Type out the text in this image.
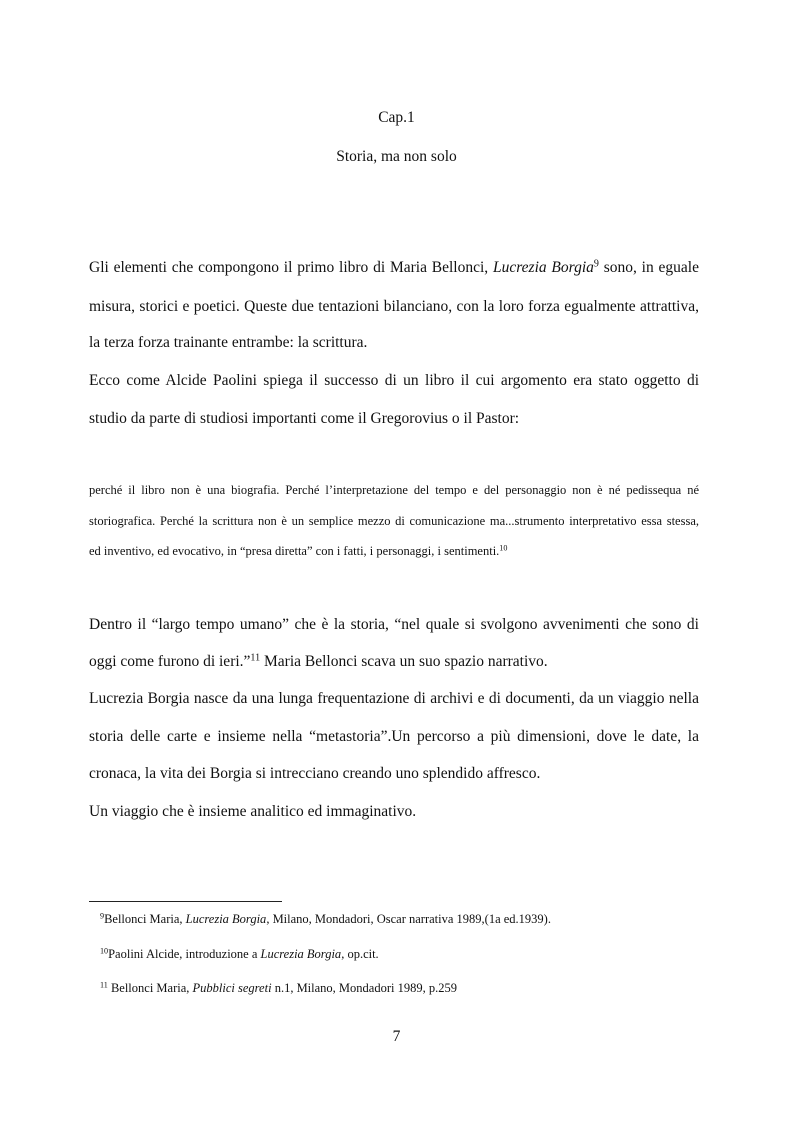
Cap.1
Storia, ma non solo
Gli elementi che compongono il primo libro di Maria Bellonci, Lucrezia Borgia$^9$ sono, in eguale
misura, storici e poetici. Queste due tentazioni bilanciano, con la loro forza egualmente attrattiva,
la terza forza trainante entrambe: la scrittura.
Ecco come Alcide Paolini spiega il successo di un libro il cui argomento era stato oggetto di
studio da parte di studiosi importanti come il Gregorovius o il Pastor:
perché il libro non è una biografia. Perché l’interpretazione del tempo e del personaggio non è né pedissequa né
storiografica. Perché la scrittura non è un semplice mezzo di comunicazione ma...strumento interpretativo essa stessa,
ed inventivo, ed evocativo, in “presa diretta” con i fatti, i personaggi, i sentimenti.$^{10}$
Dentro il “largo tempo umano” che è la storia, “nel quale si svolgono avvenimenti che sono di
oggi come furono di ieri.”$^{11}$ Maria Bellonci scava un suo spazio narrativo.
Lucrezia Borgia nasce da una lunga frequentazione di archivi e di documenti, da un viaggio nella
storia delle carte e insieme nella “metastoria”.Un percorso a più dimensioni, dove le date, la
cronaca, la vita dei Borgia si intrecciano creando uno splendido affresco.
Un viaggio che è insieme analitico ed immaginativo.
$^9$Bellonci Maria, Lucrezia Borgia, Milano, Mondadori, Oscar narrativa 1989,(1a ed.1939).
$^{10}$Paolini Alcide, introduzione a Lucrezia Borgia, op.cit.
$^{11}$ Bellonci Maria, Pubblici segreti n.1, Milano, Mondadori 1989, p.259
7
